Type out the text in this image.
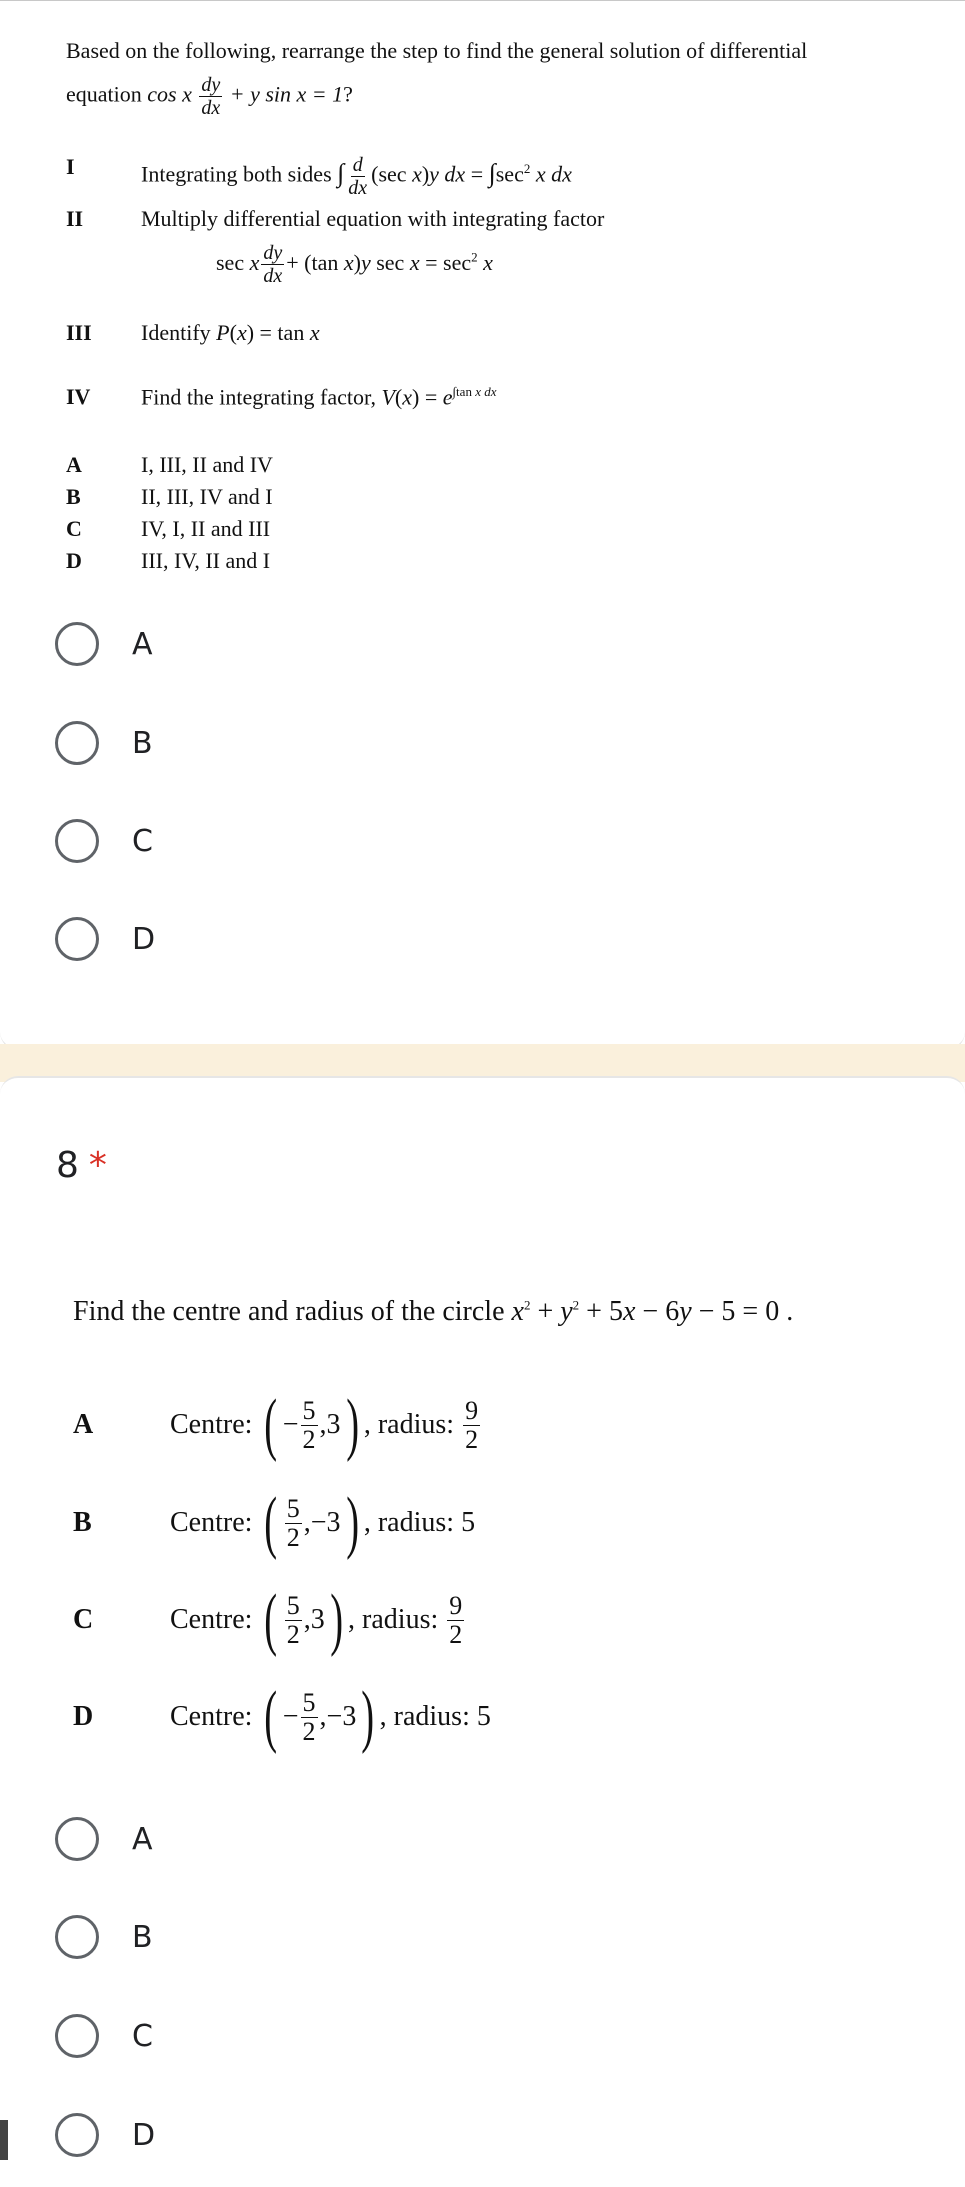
Based on the following, rearrange the step to find the general solution of differential

equation cos x $\frac{dy}{dx} + y$ sin x = 1?

I	Integrating both sides ∫ $\frac{d}{dx} (\sec$ x)y dx = $\int\sec^2$ x dx
II	Multiply differential equation with integrating factor
sec x $\frac{dy}{dx} + (\tan$ x)y $\sec x = \sec^2 x$
III	Identify P(x) = tan x
IV	Find the integrating factor, $V(x) = e^{\int tan x dx}$
A	I, III, II and IV
B	II, III, IV and I
C	IV, I, II and III
D	III, IV, II and I
A
B
C
D
8 *
Find the centre and radius of the circle $x^2 + y^2 + 5x - 6y - 5 = 0$ .
A	Centre:
( − $\frac{5}{2} ,3$ ) , radius:
$\frac{9}{2}$
B	Centre:
( $\frac{5}{2} ,-3$ ) , radius:
5
C	Centre:
( $\frac{5}{2} ,3$ ) , radius:
$\frac{9}{2}$
D	Centre:
( − $\frac{5}{2} ,-3$ ) , radius:
5
A
B
C
D
